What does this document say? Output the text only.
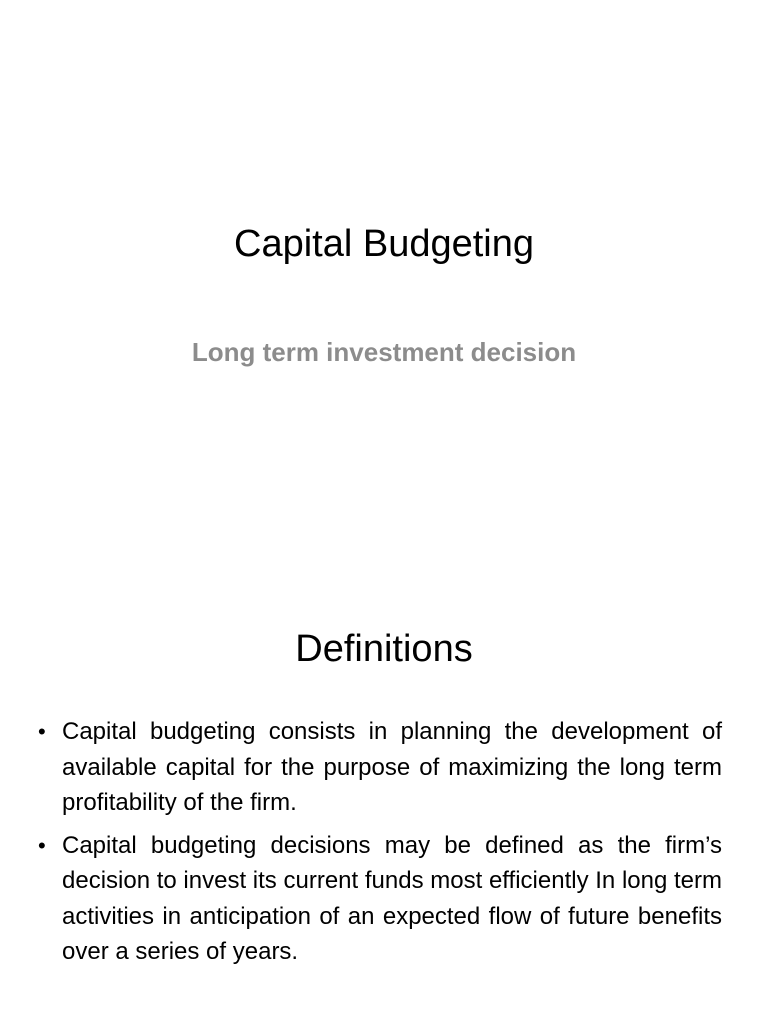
Capital Budgeting
Long term investment decision
Definitions
• Capital budgeting consists in planning the development of available capital for the purpose of maximizing the long term profitability of the firm.
• Capital budgeting decisions may be defined as the firm’s decision to invest its current funds most efficiently In long term activities in anticipation of an expected flow of future benefits over a series of years.
